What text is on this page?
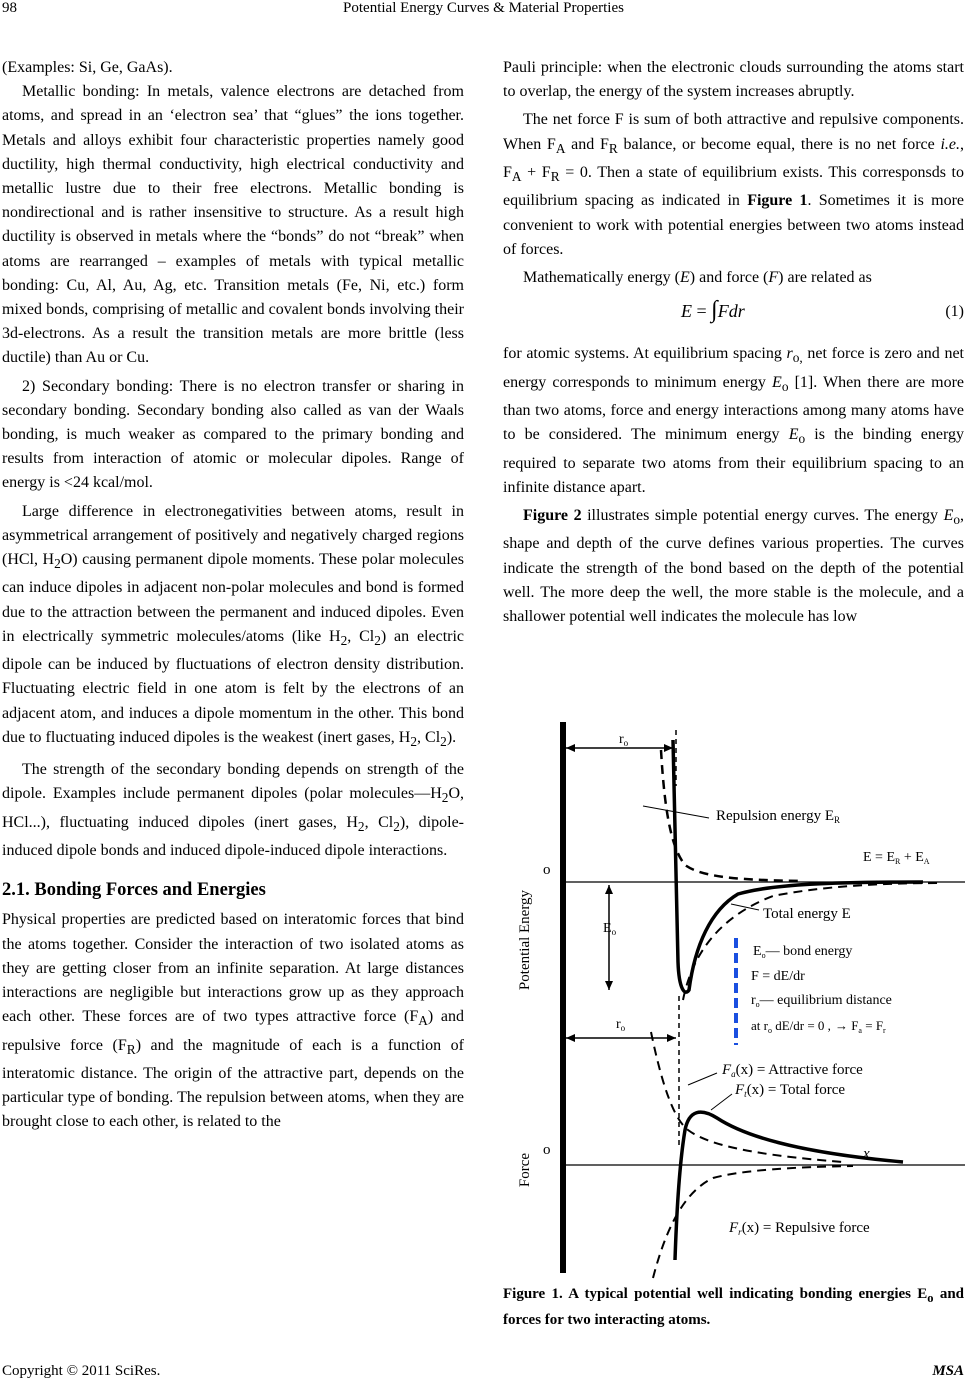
98	Potential Energy Curves & Material Properties

(Examples: Si, Ge, GaAs).

Metallic bonding: In metals, valence electrons are detached from atoms, and spread in an ‘electron sea’ that “glues” the ions together. Metals and alloys exhibit four characteristic properties namely good ductility, high thermal conductivity, high electrical conductivity and metallic lustre due to their free electrons. Metallic bonding is nondirectional and is rather insensitive to structure. As a result high ductility is observed in metals where the “bonds” do not “break” when atoms are rearranged – examples of metals with typical metallic bonding: Cu, Al, Au, Ag, etc. Transition metals (Fe, Ni, etc.) form mixed bonds, comprising of metallic and covalent bonds involving their 3d-electrons. As a result the transition metals are more brittle (less ductile) than Au or Cu.

2) Secondary bonding: There is no electron transfer or sharing in secondary bonding. Secondary bonding also called as van der Waals bonding, is much weaker as compared to the primary bonding and results from interaction of atomic or molecular dipoles. Range of energy is <24 kcal/mol.

Large difference in electronegativities between atoms, result in asymmetrical arrangement of positively and negatively charged regions (HCl, $H_2O$) causing permanent dipole moments. These polar molecules can induce dipoles in adjacent non-polar molecules and bond is formed due to the attraction between the permanent and induced dipoles. Even in electrically symmetric molecules/atoms (like $H_2$, $Cl_2$) an electric dipole can be induced by fluctuations of electron density distribution. Fluctuating electric field in one atom is felt by the electrons of an adjacent atom, and induces a dipole momentum in the other. This bond due to fluctuating induced dipoles is the weakest (inert gases, $H_2$, $Cl_2$).

The strength of the secondary bonding depends on strength of the dipole. Examples include permanent dipoles (polar $molecules—H_2O$, HCl...), fluctuating induced dipoles (inert gases, $H_2$, $Cl_2$), dipole-induced dipole bonds and induced dipole-induced dipole interactions.

2.1. Bonding Forces and Energies

Physical properties are predicted based on interatomic forces that bind the atoms together. Consider the interaction of two isolated atoms as they are getting closer from an infinite separation. At large distances interactions are negligible but interactions grow up as they approach each other. These forces are of two types attractive force $(F_A)$ and repulsive force $(F_R)$ and the magnitude of each is a function of interatomic distance. The origin of the attractive part, depends on the particular type of bonding. The repulsion between atoms, when they are brought close to each other, is related to the

Pauli principle: when the electronic clouds surrounding the atoms start to overlap, the energy of the system increases abruptly.

The net force F is sum of both attractive and repulsive components. When $F_A$ and $F_R$ balance, or become equal, there is no net force i.e., $F_A + F_R = 0$. Then a state of equilibrium exists. This corresponsds to equilibrium spacing as indicated in Figure 1. Sometimes it is more convenient to work with potential energies between two atoms instead of forces.

Mathematically energy (E) and force (F) are related as

E = ∫Fdr	(1)

for atomic systems. At equilibrium spacing $r_{o,}$ net force is zero and net energy corresponds to minimum energy $E_o$ [1]. When there are more than two atoms, force and energy interactions among many atoms have to be considered. The minimum energy $E_o$ is the binding energy required to separate two atoms from their equilibrium spacing to an infinite distance apart.

Figure 2 illustrates simple potential energy curves. The energy $E_o$, shape and depth of the curve defines various properties. The curves indicate the strength of the bond based on the depth of the potential well. The more deep the well, the more stable is the molecule, and a shallower potential well indicates the molecule has low

$r_o$
o
Potential Energy
Repulsion energy $E_R$
$E = E_R + E_A$
$E_o$
Total energy E
$E_o—$ bond energy
F = dE/dr
$r_o—$ equilibrium distance
at $r_o$ dE/dr = 0 , → $F_a = F_r$
$r_o$
o
Force	x
$F_a(x)$ = Attractive force
$F_t(x)$ = Total force
$F_r(x)$ = Repulsive force
Figure 1. A typical potential well indicating bonding energies $E_o$ and forces for two interacting atoms.
Copyright © 2011 SciRes.	MSA
